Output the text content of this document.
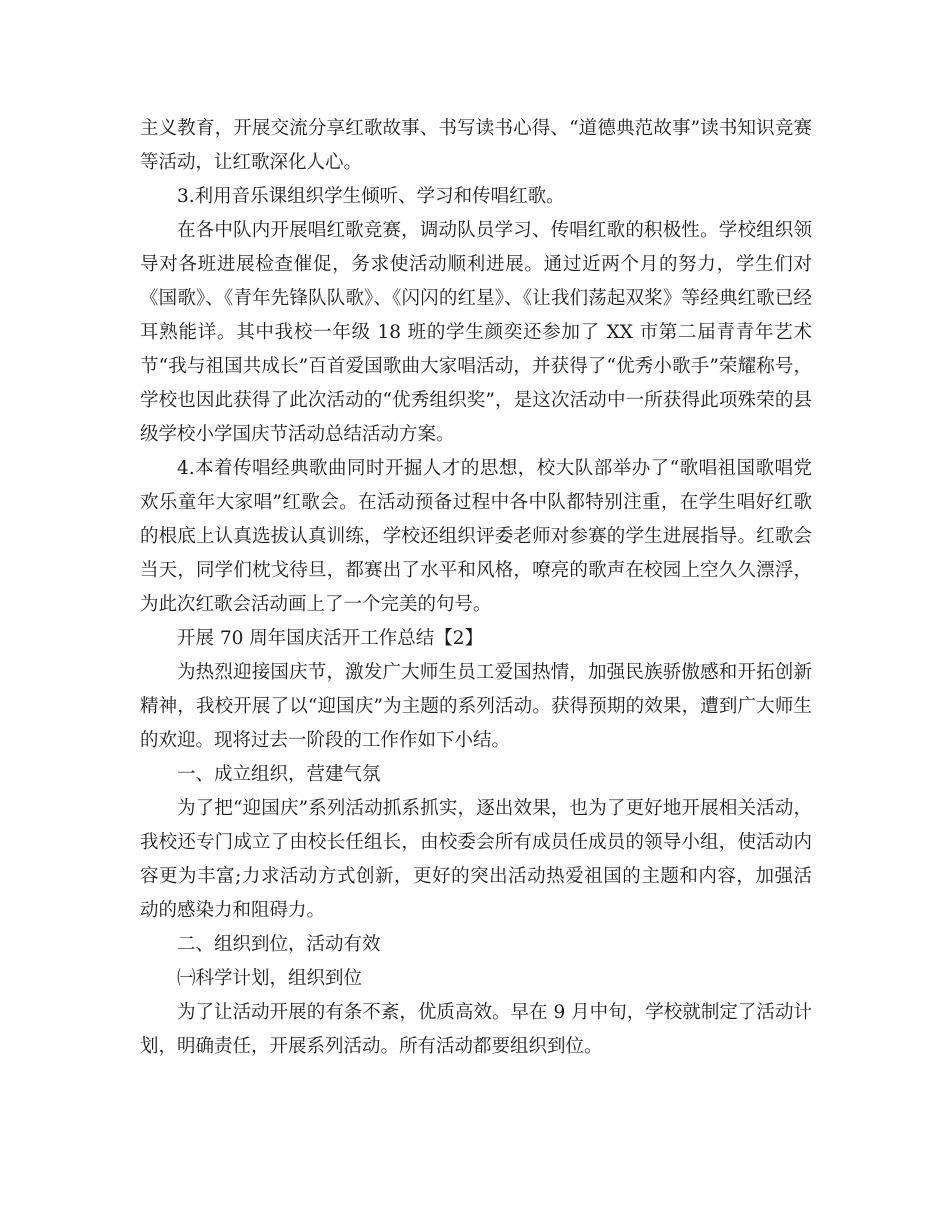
主义教育，开展交流分享红歌故事、书写读书心得、“道德典范故事”读书知识竞赛等活动，让红歌深化人心。

3.利用音乐课组织学生倾听、学习和传唱红歌。

在各中队内开展唱红歌竞赛，调动队员学习、传唱红歌的积极性。学校组织领导对各班进展检查催促，务求使活动顺利进展。通过近两个月的努力，学生们对《国歌》、《青年先锋队队歌》、《闪闪的红星》、《让我们荡起双桨》等经典红歌已经耳熟能详。其中我校一年级 18 班的学生颜奕还参加了 XX 市第二届青青年艺术节“我与祖国共成长”百首爱国歌曲大家唱活动，并获得了“优秀小歌手”荣耀称号，学校也因此获得了此次活动的“优秀组织奖”，是这次活动中一所获得此项殊荣的县级学校小学国庆节活动总结活动方案。

4.本着传唱经典歌曲同时开掘人才的思想，校大队部举办了“歌唱祖国歌唱党欢乐童年大家唱”红歌会。在活动预备过程中各中队都特别注重，在学生唱好红歌的根底上认真选拔认真训练，学校还组织评委老师对参赛的学生进展指导。红歌会当天，同学们枕戈待旦，都赛出了水平和风格，嘹亮的歌声在校园上空久久漂浮，为此次红歌会活动画上了一个完美的句号。

开展 70 周年国庆活开工作总结【2】

为热烈迎接国庆节，激发广大师生员工爱国热情，加强民族骄傲感和开拓创新精神，我校开展了以“迎国庆”为主题的系列活动。获得预期的效果，遭到广大师生的欢迎。现将过去一阶段的工作作如下小结。

一、成立组织，营建气氛

为了把“迎国庆”系列活动抓系抓实，逐出效果，也为了更好地开展相关活动，我校还专门成立了由校长任组长，由校委会所有成员任成员的领导小组，使活动内容更为丰富;力求活动方式创新，更好的突出活动热爱祖国的主题和内容，加强活动的感染力和阻碍力。

二、组织到位，活动有效

㈠科学计划，组织到位

为了让活动开展的有条不紊，优质高效。早在 9 月中旬，学校就制定了活动计划，明确责任，开展系列活动。所有活动都要组织到位。
